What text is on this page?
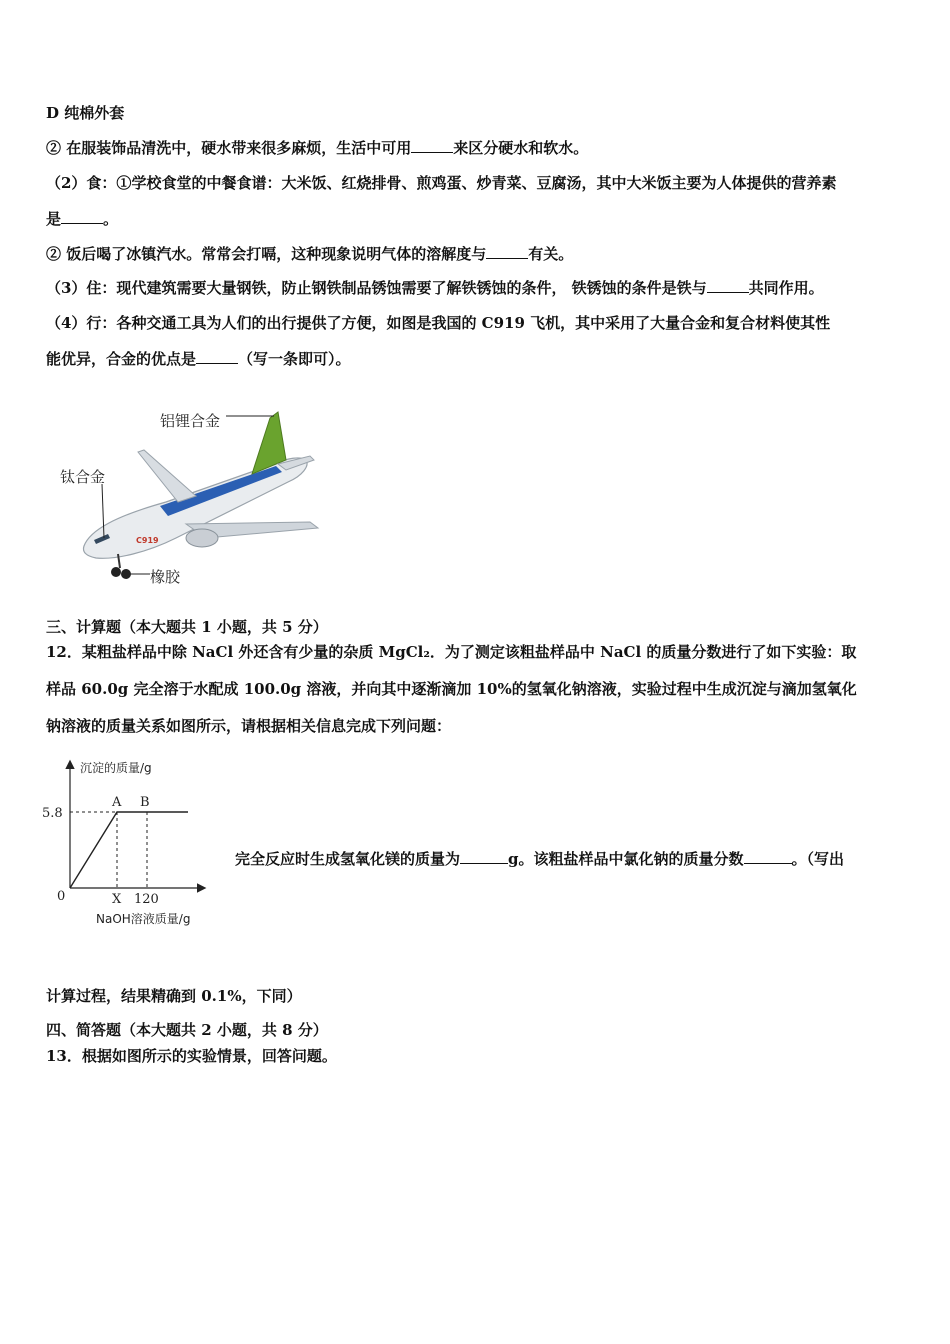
D 纯棉外套
② 在服装饰品清洗中，硬水带来很多麻烦，生活中可用	来区分硬水和软水。
（2）食：①学校食堂的中餐食谱：大米饭、红烧排骨、煎鸡蛋、炒青菜、豆腐汤，其中大米饭主要为人体提供的营养素
是	。
② 饭后喝了冰镇汽水。常常会打嗝，这种现象说明气体的溶解度与	有关。
（3）住：现代建筑需要大量钢铁，防止钢铁制品锈蚀需要了解铁锈蚀的条件， 铁锈蚀的条件是铁与	共同作用。
（4）行：各种交通工具为人们的出行提供了方便，如图是我国的 C919 飞机，其中采用了大量合金和复合材料使其性
能优异，合金的优点是	（写一条即可）。
C919
铝锂合金
钛合金
橡胶
三、计算题（本大题共 1 小题，共 5 分）
12．某粗盐样品中除 NaCl 外还含有少量的杂质 MgCl₂．为了测定该粗盐样品中 NaCl 的质量分数进行了如下实验：取
样品 60.0g 完全溶于水配成 100.0g 溶液，并向其中逐渐滴加 10%的氢氧化钠溶液，实验过程中生成沉淀与滴加氢氧化
钠溶液的质量关系如图所示，请根据相关信息完成下列问题：
沉淀的质量/g
5.8
0	X 120
A B
NaOH溶液质量/g
完全反应时生成氢氧化镁的质量为	g。该粗盐样品中氯化钠的质量分数	。（写出
计算过程，结果精确到 0.1%，下同）
四、简答题（本大题共 2 小题，共 8 分）
13．根据如图所示的实验情景，回答问题。
